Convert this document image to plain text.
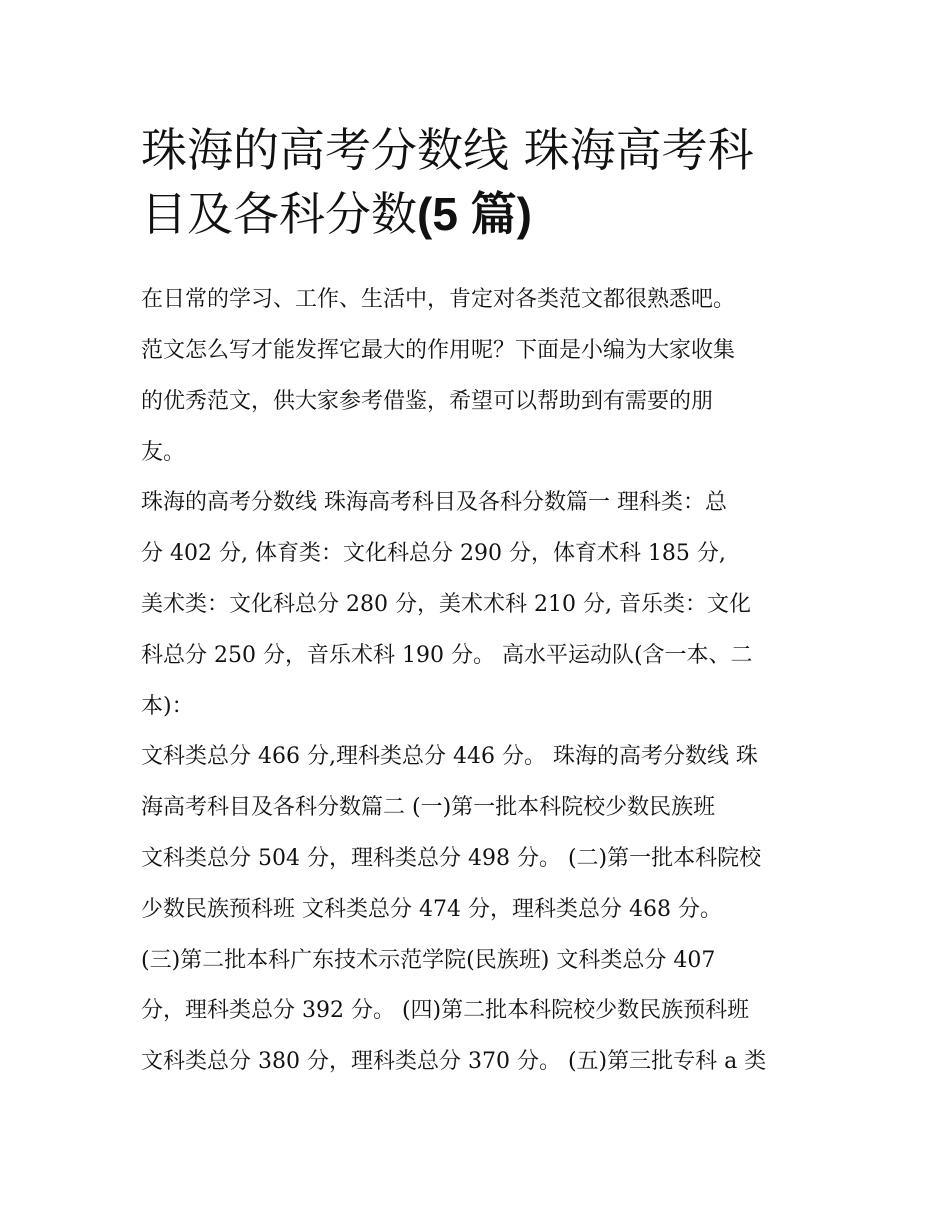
珠海的高考分数线 珠海高考科
目及各科分数(5 篇)

在日常的学习、工作、生活中，肯定对各类范文都很熟悉吧。

范文怎么写才能发挥它最大的作用呢？下面是小编为大家收集

的优秀范文，供大家参考借鉴，希望可以帮助到有需要的朋

友。

珠海的高考分数线 珠海高考科目及各科分数篇一 理科类：总

分 402 分, 体育类：文化科总分 290 分，体育术科 185 分,

美术类：文化科总分 280 分，美术术科 210 分, 音乐类：文化

科总分 250 分，音乐术科 190 分。 高水平运动队(含一本、二

本)：

文科类总分 466 分,理科类总分 446 分。 珠海的高考分数线 珠

海高考科目及各科分数篇二 (一)第一批本科院校少数民族班

文科类总分 504 分，理科类总分 498 分。 (二)第一批本科院校

少数民族预科班 文科类总分 474 分，理科类总分 468 分。

(三)第二批本科广东技术示范学院(民族班) 文科类总分 407

分，理科类总分 392 分。 (四)第二批本科院校少数民族预科班

文科类总分 380 分，理科类总分 370 分。 (五)第三批专科 a 类
